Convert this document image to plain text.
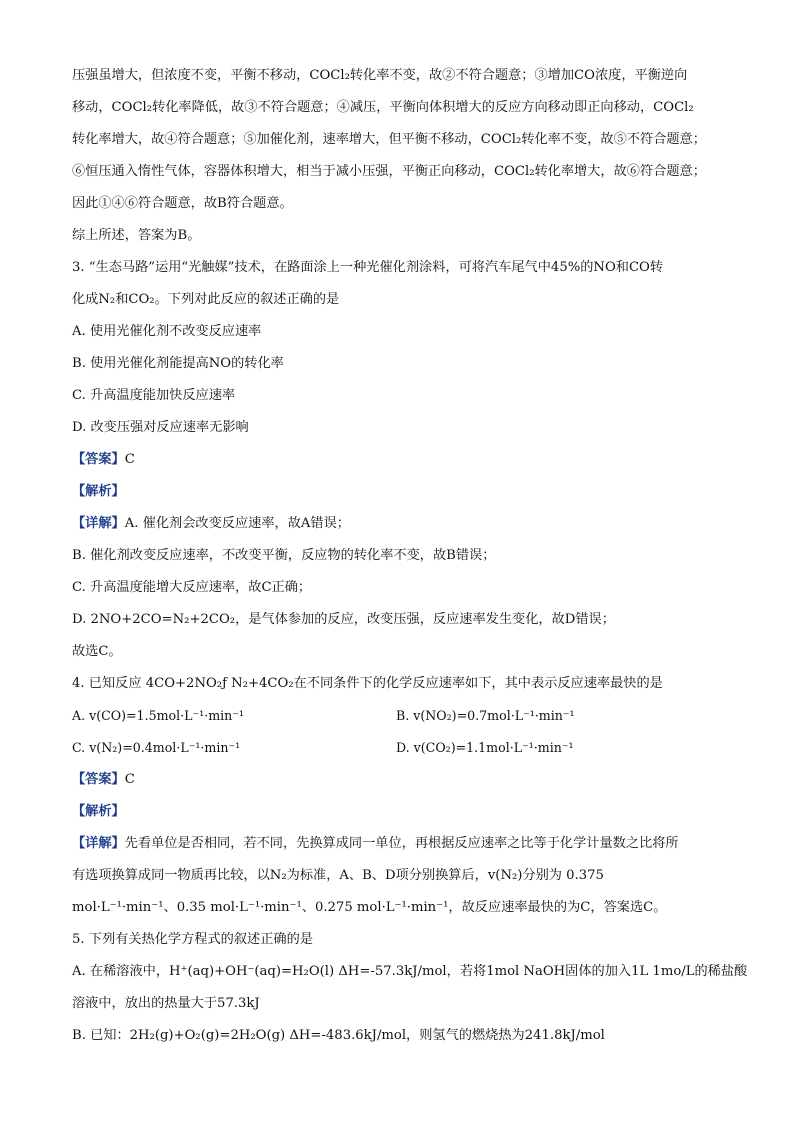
压强虽增大，但浓度不变，平衡不移动，COCl₂转化率不变，故②不符合题意；③增加CO浓度，平衡逆向
移动，COCl₂转化率降低，故③不符合题意；④减压，平衡向体积增大的反应方向移动即正向移动，COCl₂
转化率增大，故④符合题意；⑤加催化剂，速率增大，但平衡不移动，COCl₂转化率不变，故⑤不符合题意；
⑥恒压通入惰性气体，容器体积增大，相当于减小压强，平衡正向移动，COCl₂转化率增大，故⑥符合题意；
因此①④⑥符合题意，故B符合题意。
综上所述，答案为B。
3. “生态马路”运用“光触媒”技术，在路面涂上一种光催化剂涂料，可将汽车尾气中45%的NO和CO转
化成N₂和CO₂。下列对此反应的叙述正确的是
A. 使用光催化剂不改变反应速率
B. 使用光催化剂能提高NO的转化率
C. 升高温度能加快反应速率
D. 改变压强对反应速率无影响
【答案】C
【解析】
【详解】A. 催化剂会改变反应速率，故A错误；
B. 催化剂改变反应速率，不改变平衡，反应物的转化率不变，故B错误；
C. 升高温度能增大反应速率，故C正确；
D. 2NO+2CO=N₂+2CO₂，是气体参加的反应，改变压强，反应速率发生变化，故D错误；
故选C。
4. 已知反应 4CO+2NO₂ƒ N₂+4CO₂在不同条件下的化学反应速率如下，其中表示反应速率最快的是
A. v(CO)=1.5mol·L⁻¹·min⁻¹	B. v(NO₂)=0.7mol·L⁻¹·min⁻¹
C. v(N₂)=0.4mol·L⁻¹·min⁻¹	D. v(CO₂)=1.1mol·L⁻¹·min⁻¹
【答案】C
【解析】
【详解】先看单位是否相同，若不同，先换算成同一单位，再根据反应速率之比等于化学计量数之比将所
有选项换算成同一物质再比较，以N₂为标准，A、B、D项分别换算后，v(N₂)分别为 0.375
mol·L⁻¹·min⁻¹、0.35 mol·L⁻¹·min⁻¹、0.275 mol·L⁻¹·min⁻¹，故反应速率最快的为C，答案选C。
5. 下列有关热化学方程式的叙述正确的是
A. 在稀溶液中，H⁺(aq)+OH⁻(aq)=H₂O(l) ΔH=-57.3kJ/mol，若将1mol NaOH固体的加入1L 1mo/L的稀盐酸
溶液中，放出的热量大于57.3kJ
B. 已知：2H₂(g)+O₂(g)=2H₂O(g) ΔH=-483.6kJ/mol，则氢气的燃烧热为241.8kJ/mol
